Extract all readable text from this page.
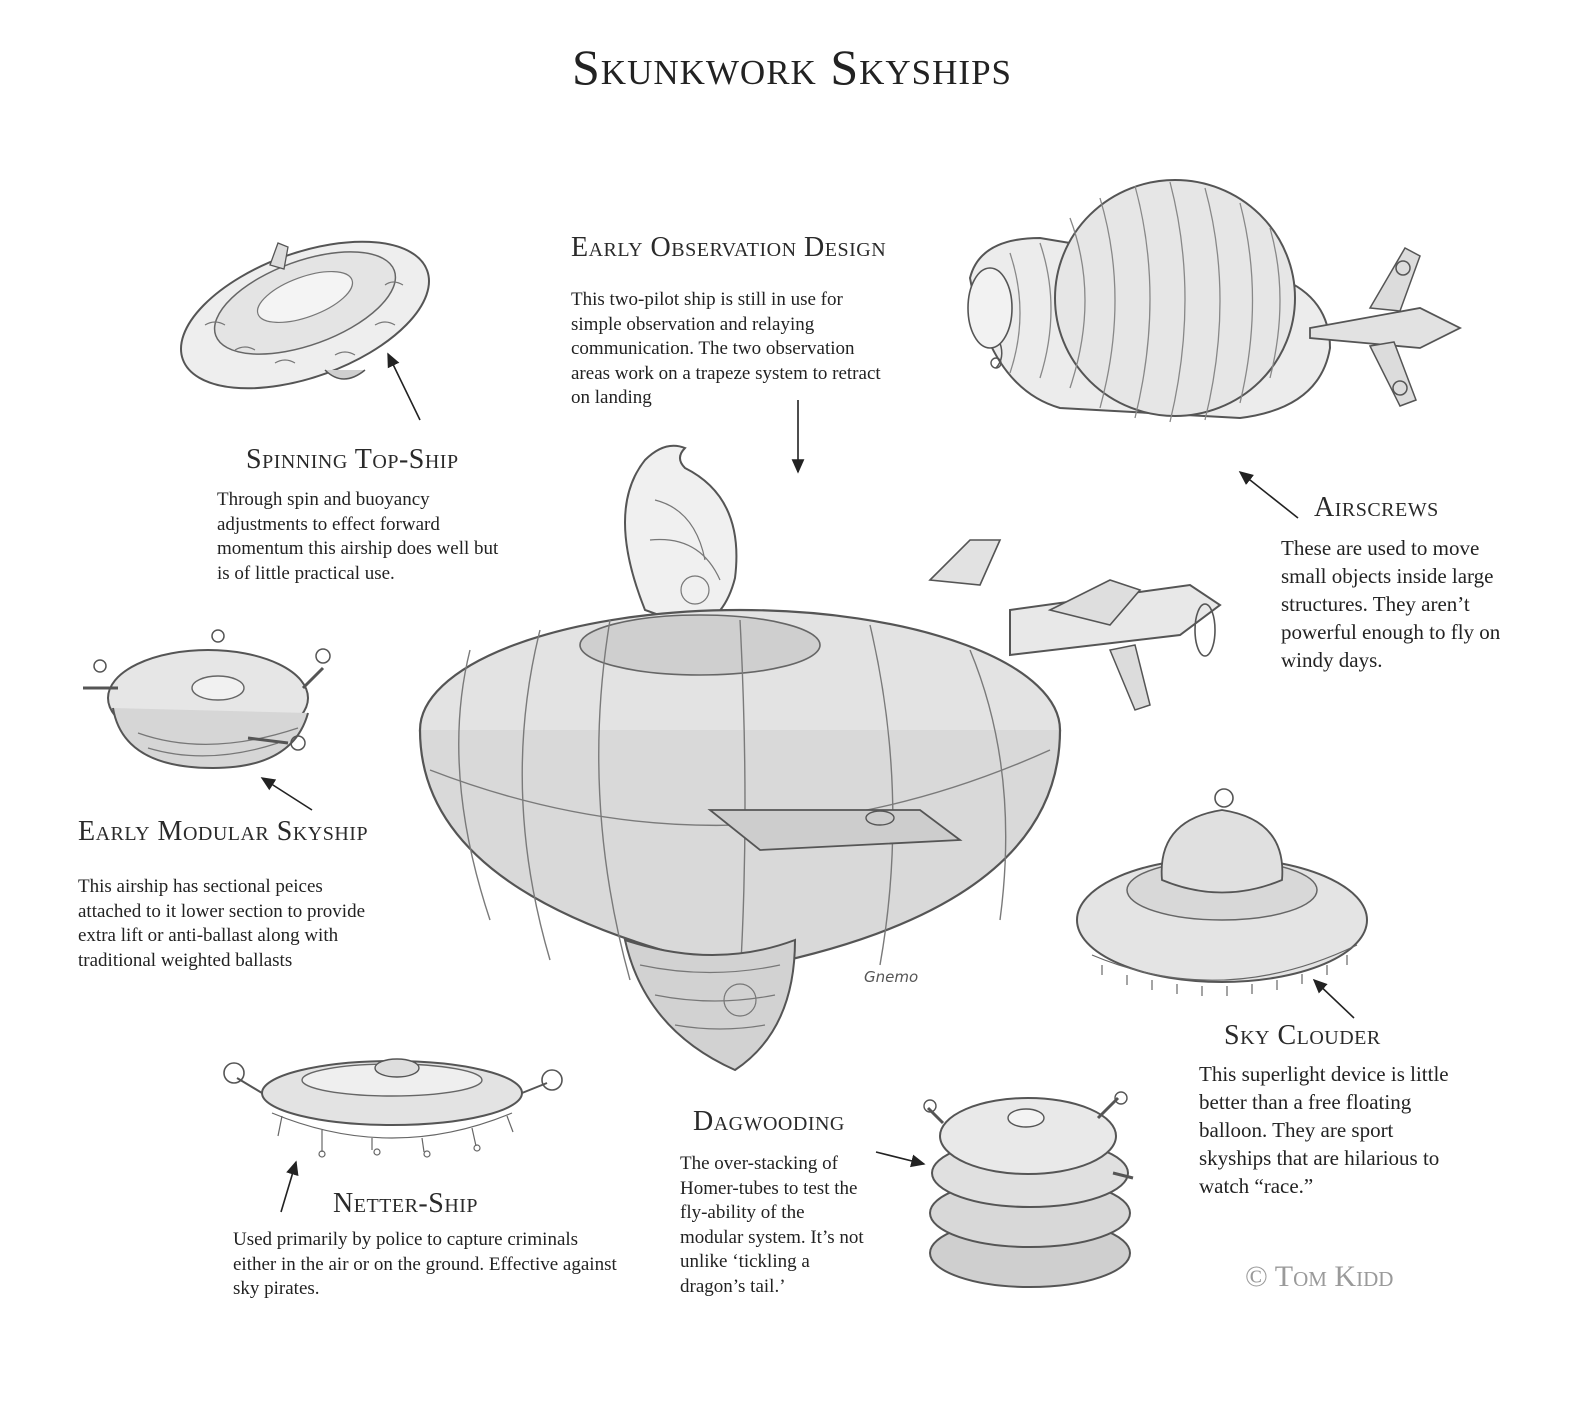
Skunkwork Skyships
Gnemo
Spinning Top-Ship
Through spin and buoyancy adjustments to effect forward momentum this airship does well but is of little practical use.
Early Observation Design
This two-pilot ship is still in use for simple observation and relaying communication. The two observation areas work on a trapeze system to retract on landing
Airscrews
These are used to move small objects inside large structures. They aren’t powerful enough to fly on windy days.
Early Modular Skyship
This airship has sectional peices attached to it lower section to provide extra lift or anti-ballast along with traditional weighted ballasts
Sky Clouder
This superlight device is little better than a free floating balloon. They are sport skyships that are hilarious to watch “race.”
Netter-Ship
Used primarily by police to capture criminals either in the air or on the ground. Effective against sky pirates.
Dagwooding
The over-stacking of Homer-tubes to test the fly-ability of the modular system. It’s not unlike ‘tickling a dragon’s tail.’	© Tom Kidd
